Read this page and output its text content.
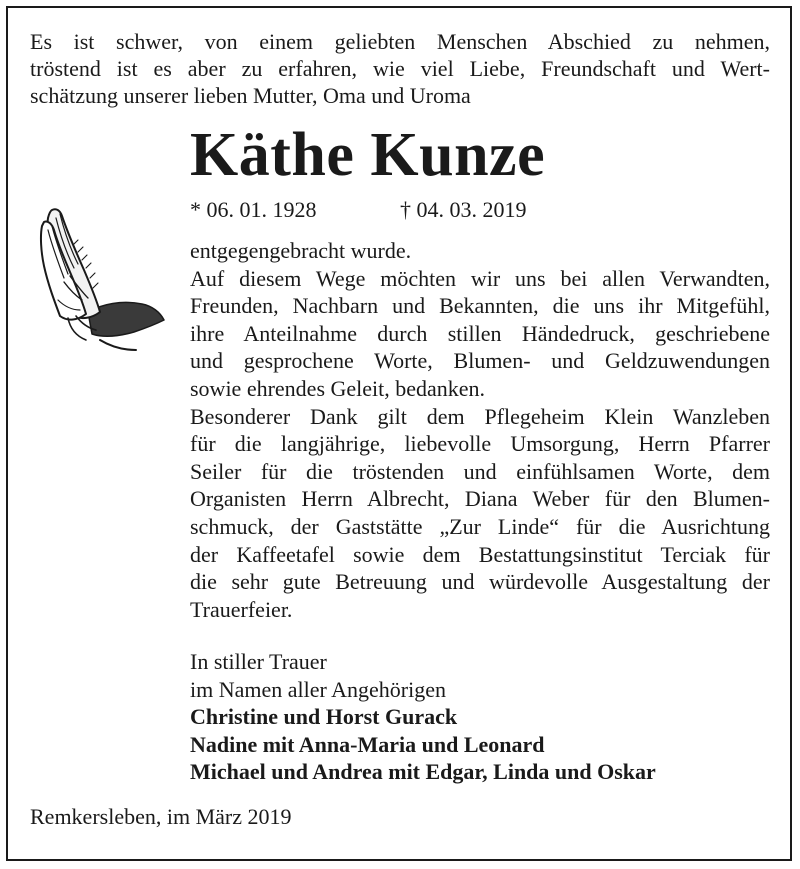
Es ist schwer, von einem geliebten Menschen Abschied zu nehmen,
tröstend ist es aber zu erfahren, wie viel Liebe, Freundschaft und Wert-
schätzung unserer lieben Mutter, Oma und Uroma
Käthe Kunze
* 06. 01. 1928	† 04. 03. 2019
entgegengebracht wurde.
Auf diesem Wege möchten wir uns bei allen Verwandten,
Freunden, Nachbarn und Bekannten, die uns ihr Mitgefühl,
ihre Anteilnahme durch stillen Händedruck, geschriebene
und gesprochene Worte, Blumen- und Geldzuwendungen
sowie ehrendes Geleit, bedanken.
Besonderer Dank gilt dem Pflegeheim Klein Wanzleben
für die langjährige, liebevolle Umsorgung, Herrn Pfarrer
Seiler für die tröstenden und einfühlsamen Worte, dem
Organisten Herrn Albrecht, Diana Weber für den Blumen-
schmuck, der Gaststätte „Zur Linde“ für die Ausrichtung
der Kaffeetafel sowie dem Bestattungsinstitut Terciak für
die sehr gute Betreuung und würdevolle Ausgestaltung der
Trauerfeier.
In stiller Trauer
im Namen aller Angehörigen
Christine und Horst Gurack
Nadine mit Anna-Maria und Leonard
Michael und Andrea mit Edgar, Linda und Oskar
Remkersleben, im März 2019
